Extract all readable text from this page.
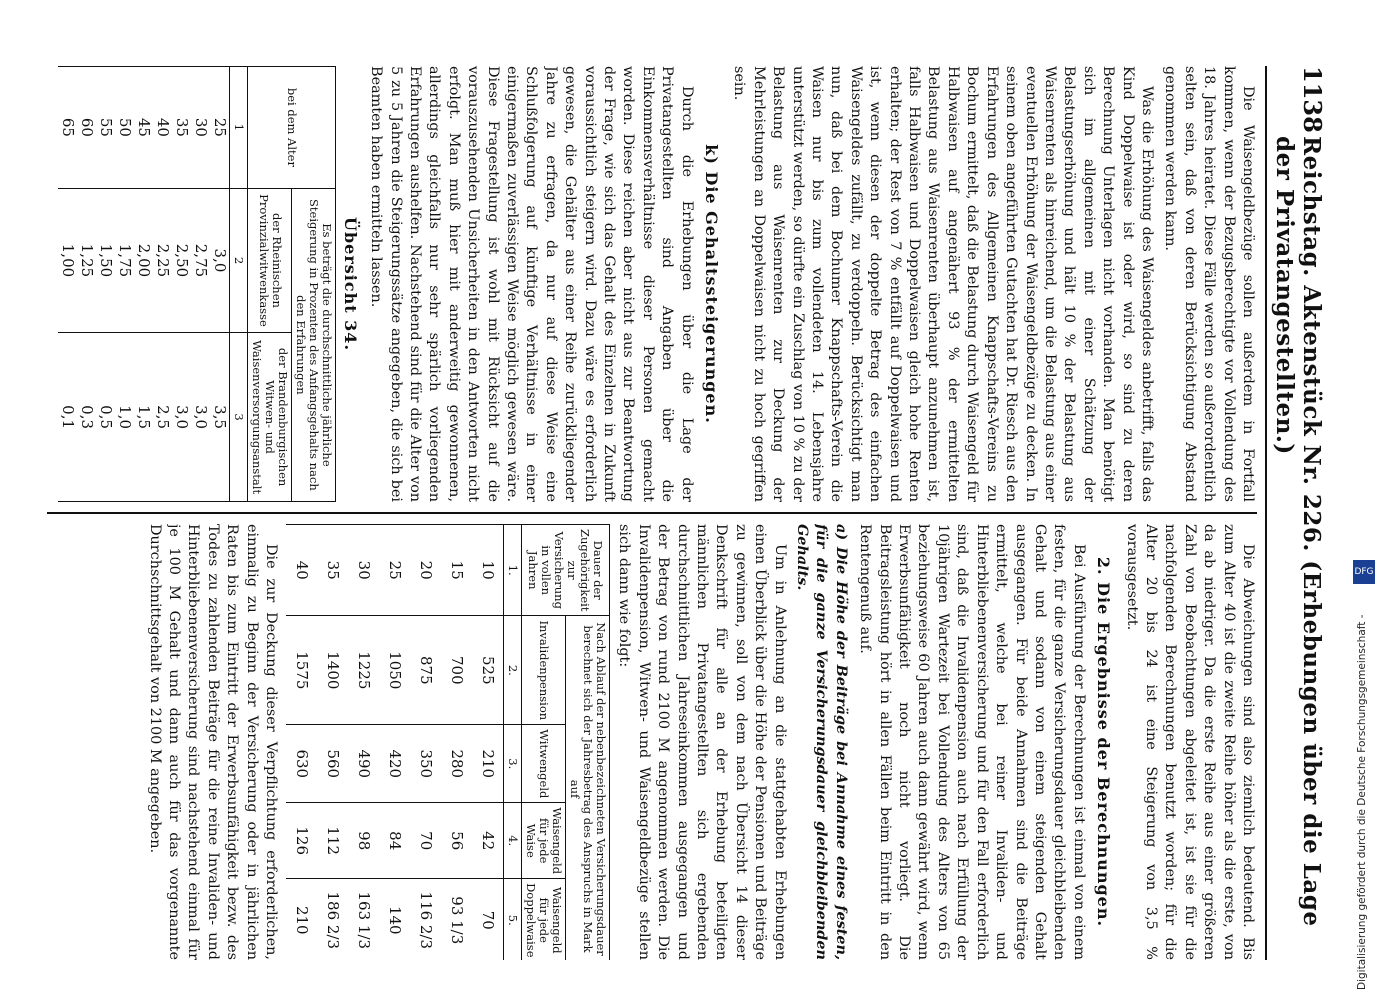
1138
Reichstag. Aktenstück Nr. 226. (Erhebungen über die Lage der Privatangestellten.)

Die Waisengeldbezüge sollen außerdem in Fortfall kommen, wenn der Bezugsberechtigte vor Vollendung des 18. Jahres heiratet. Diese Fälle werden so außerordentlich selten sein, daß von deren Berücksichtigung Abstand genommen werden kann.

Was die Erhöhung des Waisengeldes anbetrifft, falls das Kind Doppelwaise ist oder wird, so sind zu deren Berechnung Unterlagen nicht vorhanden. Man benötigt sich im allgemeinen mit einer Schätzung der Belastungserhöhung und hält 10 % der Belastung aus Waisenrenten als hinreichend, um die Belastung aus einer eventuellen Erhöhung der Waisengeldbezüge zu decken. In seinem oben angeführten Gutachten hat Dr. Riesch aus den Erfahrungen des Allgemeinen Knappschafts-Vereins zu Bochum ermittelt, daß die Belastung durch Waisengeld für Halbwaisen auf angenähert 93 % der ermittelten Belastung aus Waisenrenten überhaupt anzunehmen ist, falls Halbwaisen und Doppelwaisen gleich hohe Renten erhalten; der Rest von 7 % entfällt auf Doppelwaisen und ist, wenn diesen der doppelte Betrag des einfachen Waisengeldes zufällt, zu verdoppeln. Berücksichtigt man nun, daß bei dem Bochumer Knappschafts-Verein die Waisen nur bis zum vollendeten 14. Lebensjahre unterstützt werden, so dürfte ein Zuschlag von 10 % zu der Belastung aus Waisenrenten zur Deckung der Mehrleistungen an Doppelwaisen nicht zu hoch gegriffen sein.

k) Die Gehaltssteigerungen.

Durch die Erhebungen über die Lage der Privatangestellten sind Angaben über die Einkommensverhältnisse dieser Personen gemacht worden. Diese reichen aber nicht aus zur Beantwortung der Frage, wie sich das Gehalt des Einzelnen in Zukunft voraussichtlich steigern wird. Dazu wäre es erforderlich gewesen, die Gehälter aus einer Reihe zurückliegender Jahre zu erfragen, da nur auf diese Weise eine Schlußfolgerung auf künftige Verhältnisse in einer einigermaßen zuverlässigen Weise möglich gewesen wäre. Diese Fragestellung ist wohl mit Rücksicht auf die vorauszusehenden Unsicherheiten in den Antworten nicht erfolgt. Man muß hier mit anderweitig gewonnenen, allerdings gleichfalls nur sehr spärlich vorliegenden Erfahrungen aushelfen. Nachstehend sind für die Alter von 5 zu 5 Jahren die Steigerungssätze angegeben, die sich bei Beamten haben ermitteln lassen.

Übersicht 34.
bei dem Alter	Es beträgt die durchschnittliche jährliche Steigerung in Prozenten des Anfangsgehalts nach den Erfahrungen	
	der Rheinischen Provinzialwitwenkasse	der Brandenburgischen Witwen- und Waisenversorgungsanstalt
1	2	3
25	3,0	3,5
30	2,75	3,0
35	2,50	3,0
40	2,25	2,5
45	2,00	1,5
50	1,75	1,0
55	1,50	0,5
60	1,25	0,3
65	1,00	0,1

Die Abweichungen sind also ziemlich bedeutend. Bis zum Alter 40 ist die zweite Reihe höher als die erste, von da ab niedriger. Da die erste Reihe aus einer größeren Zahl von Beobachtungen abgeleitet ist, ist sie für die nachfolgenden Berechnungen benutzt worden; für die Alter 20 bis 24 ist eine Steigerung von 3,5 % vorausgesetzt.

2. Die Ergebnisse der Berechnungen.

Bei Ausführung der Berechnungen ist einmal von einem festen, für die ganze Versicherungsdauer gleichbleibenden Gehalt und sodann von einem steigenden Gehalt ausgegangen. Für beide Annahmen sind die Beiträge ermittelt, welche bei reiner Invaliden- und Hinterbliebenenversicherung und für den Fall erforderlich sind, daß die Invalidenpension auch nach Erfüllung der 10jährigen Wartezeit bei Vollendung des Alters von 65 beziehungsweise 60 Jahren auch dann gewährt wird, wenn Erwerbsunfähigkeit noch nicht vorliegt. Die Beitragsleistung hört in allen Fällen beim Eintritt in den Rentengenuß auf.

a) Die Höhe der Beiträge bei Annahme eines festen, für die ganze Versicherungsdauer gleichbleibenden Gehalts.

Um in Anlehnung an die stattgehabten Erhebungen einen Überblick über die Höhe der Pensionen und Beiträge zu gewinnen, soll von dem nach Übersicht 14 dieser Denkschrift für alle an der Erhebung beteiligten männlichen Privatangestellten sich ergebenden durchschnittlichen Jahreseinkommen ausgegangen und der Betrag von rund 2100 M angenommen werden. Die Invalidenpension, Witwen- und Waisengeldbezüge stellen sich dann wie folgt:

Dauer der Zugehörigkeit zur Versicherung in vollen Jahren	Nach Ablauf der nebenbezeichneten Versicherungsdauer berechnet sich der Jahresbetrag des Anspruchs in Mark auf			
	Invalidenpension	Witwengeld	Waisengeld für jede Waise	Waisengeld für jede Doppelwaise
1.	2.	3.	4.	5.
10	525	210	42	70
15	700	280	56	93 1/3
20	875	350	70	116 2/3
25	1050	420	84	140
30	1225	490	98	163 1/3
35	1400	560	112	186 2/3
40	1575	630	126	210

Die zur Deckung dieser Verpflichtung erforderlichen, einmalig zu Beginn der Versicherung oder in jährlichen Raten bis zum Eintritt der Erwerbsunfähigkeit bezw. des Todes zu zahlenden Beiträge für die reine Invaliden- und Hinterbliebenenversicherung sind nachstehend einmal für je 100 M Gehalt und dann auch für das vorgenannte Durchschnittsgehalt von 2100 M angegeben.	Digitalisierung gefördert durch die Deutsche Forschungsgemeinschaft -
DFG
